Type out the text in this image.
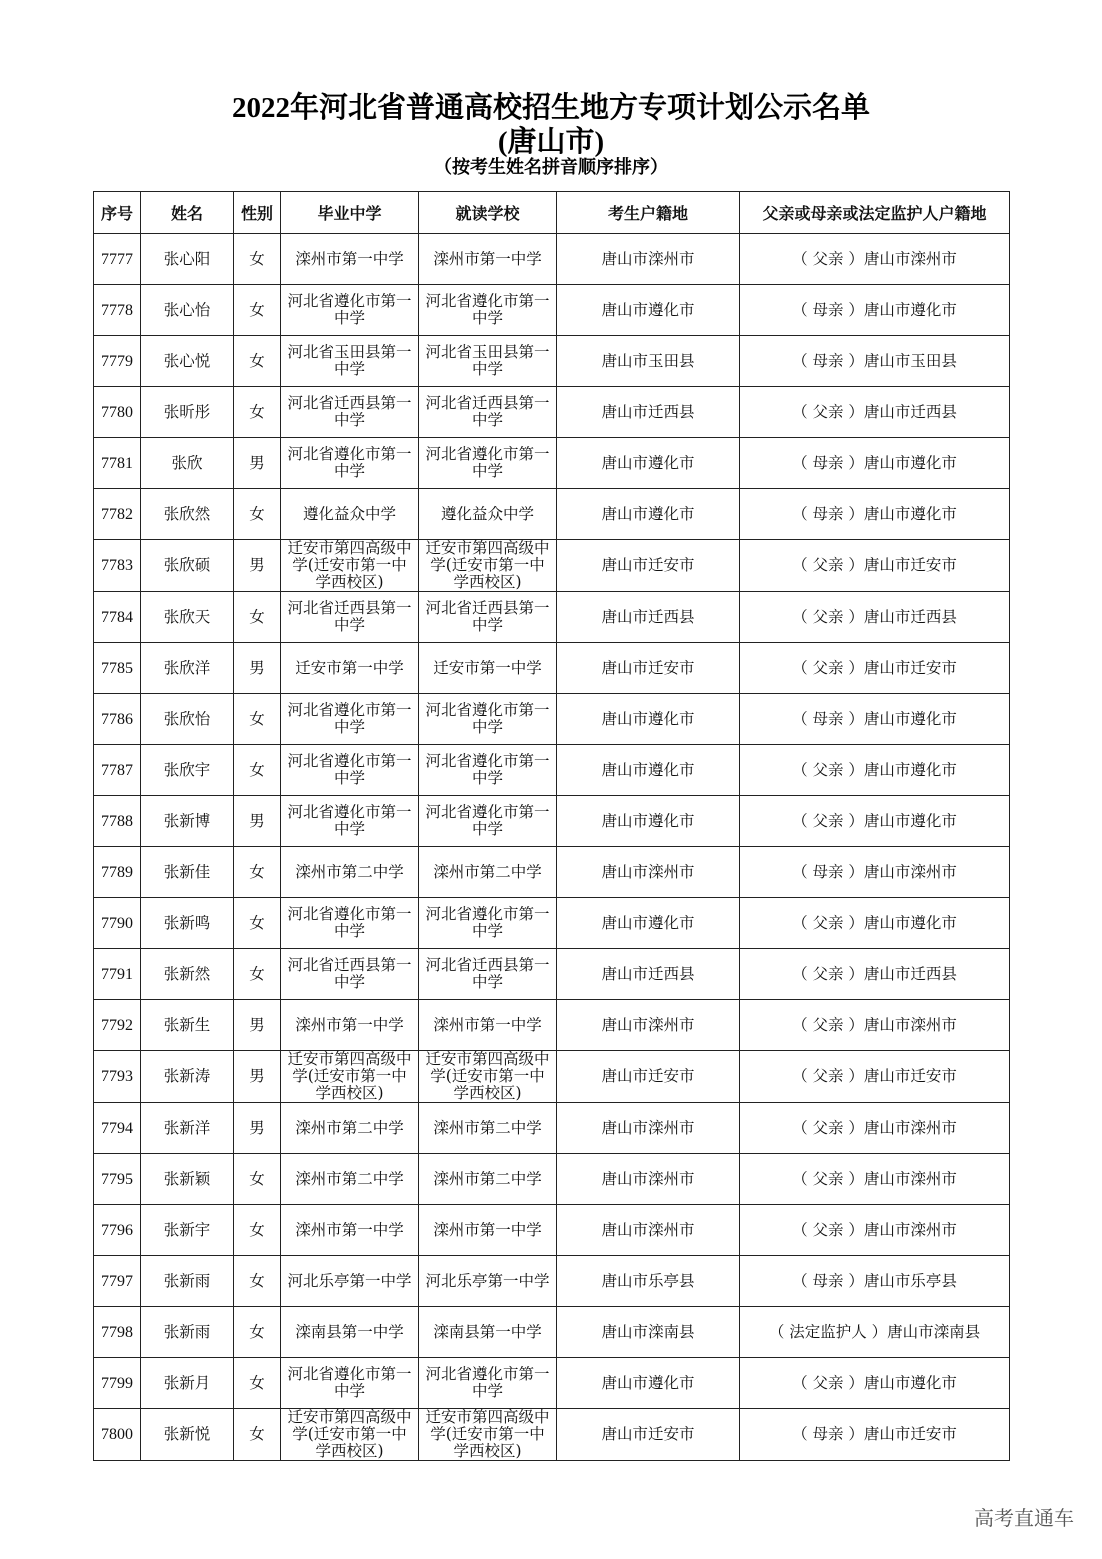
2022年河北省普通高校招生地方专项计划公示名单
(唐山市)
（按考生姓名拼音顺序排序）
序号	姓名	性别	毕业中学	就读学校	考生户籍地	父亲或母亲或法定监护人户籍地
7777	张心阳	女	滦州市第一中学	滦州市第一中学	唐山市滦州市	（ 父亲 ）唐山市滦州市
7778	张心怡	女	河北省遵化市第一中学	河北省遵化市第一中学	唐山市遵化市	（ 母亲 ）唐山市遵化市
7779	张心悦	女	河北省玉田县第一中学	河北省玉田县第一中学	唐山市玉田县	（ 母亲 ）唐山市玉田县
7780	张昕彤	女	河北省迁西县第一中学	河北省迁西县第一中学	唐山市迁西县	（ 父亲 ）唐山市迁西县
7781	张欣	男	河北省遵化市第一中学	河北省遵化市第一中学	唐山市遵化市	（ 母亲 ）唐山市遵化市
7782	张欣然	女	遵化益众中学	遵化益众中学	唐山市遵化市	（ 母亲 ）唐山市遵化市
7783	张欣硕	男	迁安市第四高级中学(迁安市第一中学西校区)	迁安市第四高级中学(迁安市第一中学西校区)	唐山市迁安市	（ 父亲 ）唐山市迁安市
7784	张欣天	女	河北省迁西县第一中学	河北省迁西县第一中学	唐山市迁西县	（ 父亲 ）唐山市迁西县
7785	张欣洋	男	迁安市第一中学	迁安市第一中学	唐山市迁安市	（ 父亲 ）唐山市迁安市
7786	张欣怡	女	河北省遵化市第一中学	河北省遵化市第一中学	唐山市遵化市	（ 母亲 ）唐山市遵化市
7787	张欣宇	女	河北省遵化市第一中学	河北省遵化市第一中学	唐山市遵化市	（ 父亲 ）唐山市遵化市
7788	张新博	男	河北省遵化市第一中学	河北省遵化市第一中学	唐山市遵化市	（ 父亲 ）唐山市遵化市
7789	张新佳	女	滦州市第二中学	滦州市第二中学	唐山市滦州市	（ 母亲 ）唐山市滦州市
7790	张新鸣	女	河北省遵化市第一中学	河北省遵化市第一中学	唐山市遵化市	（ 父亲 ）唐山市遵化市
7791	张新然	女	河北省迁西县第一中学	河北省迁西县第一中学	唐山市迁西县	（ 父亲 ）唐山市迁西县
7792	张新生	男	滦州市第一中学	滦州市第一中学	唐山市滦州市	（ 父亲 ）唐山市滦州市
7793	张新涛	男	迁安市第四高级中学(迁安市第一中学西校区)	迁安市第四高级中学(迁安市第一中学西校区)	唐山市迁安市	（ 父亲 ）唐山市迁安市
7794	张新洋	男	滦州市第二中学	滦州市第二中学	唐山市滦州市	（ 父亲 ）唐山市滦州市
7795	张新颖	女	滦州市第二中学	滦州市第二中学	唐山市滦州市	（ 父亲 ）唐山市滦州市
7796	张新宇	女	滦州市第一中学	滦州市第一中学	唐山市滦州市	（ 父亲 ）唐山市滦州市
7797	张新雨	女	河北乐亭第一中学	河北乐亭第一中学	唐山市乐亭县	（ 母亲 ）唐山市乐亭县
7798	张新雨	女	滦南县第一中学	滦南县第一中学	唐山市滦南县	（ 法定监护人 ）唐山市滦南县
7799	张新月	女	河北省遵化市第一中学	河北省遵化市第一中学	唐山市遵化市	（ 父亲 ）唐山市遵化市
7800	张新悦	女	迁安市第四高级中学(迁安市第一中学西校区)	迁安市第四高级中学(迁安市第一中学西校区)	唐山市迁安市	（ 母亲 ）唐山市迁安市
高考直通车
